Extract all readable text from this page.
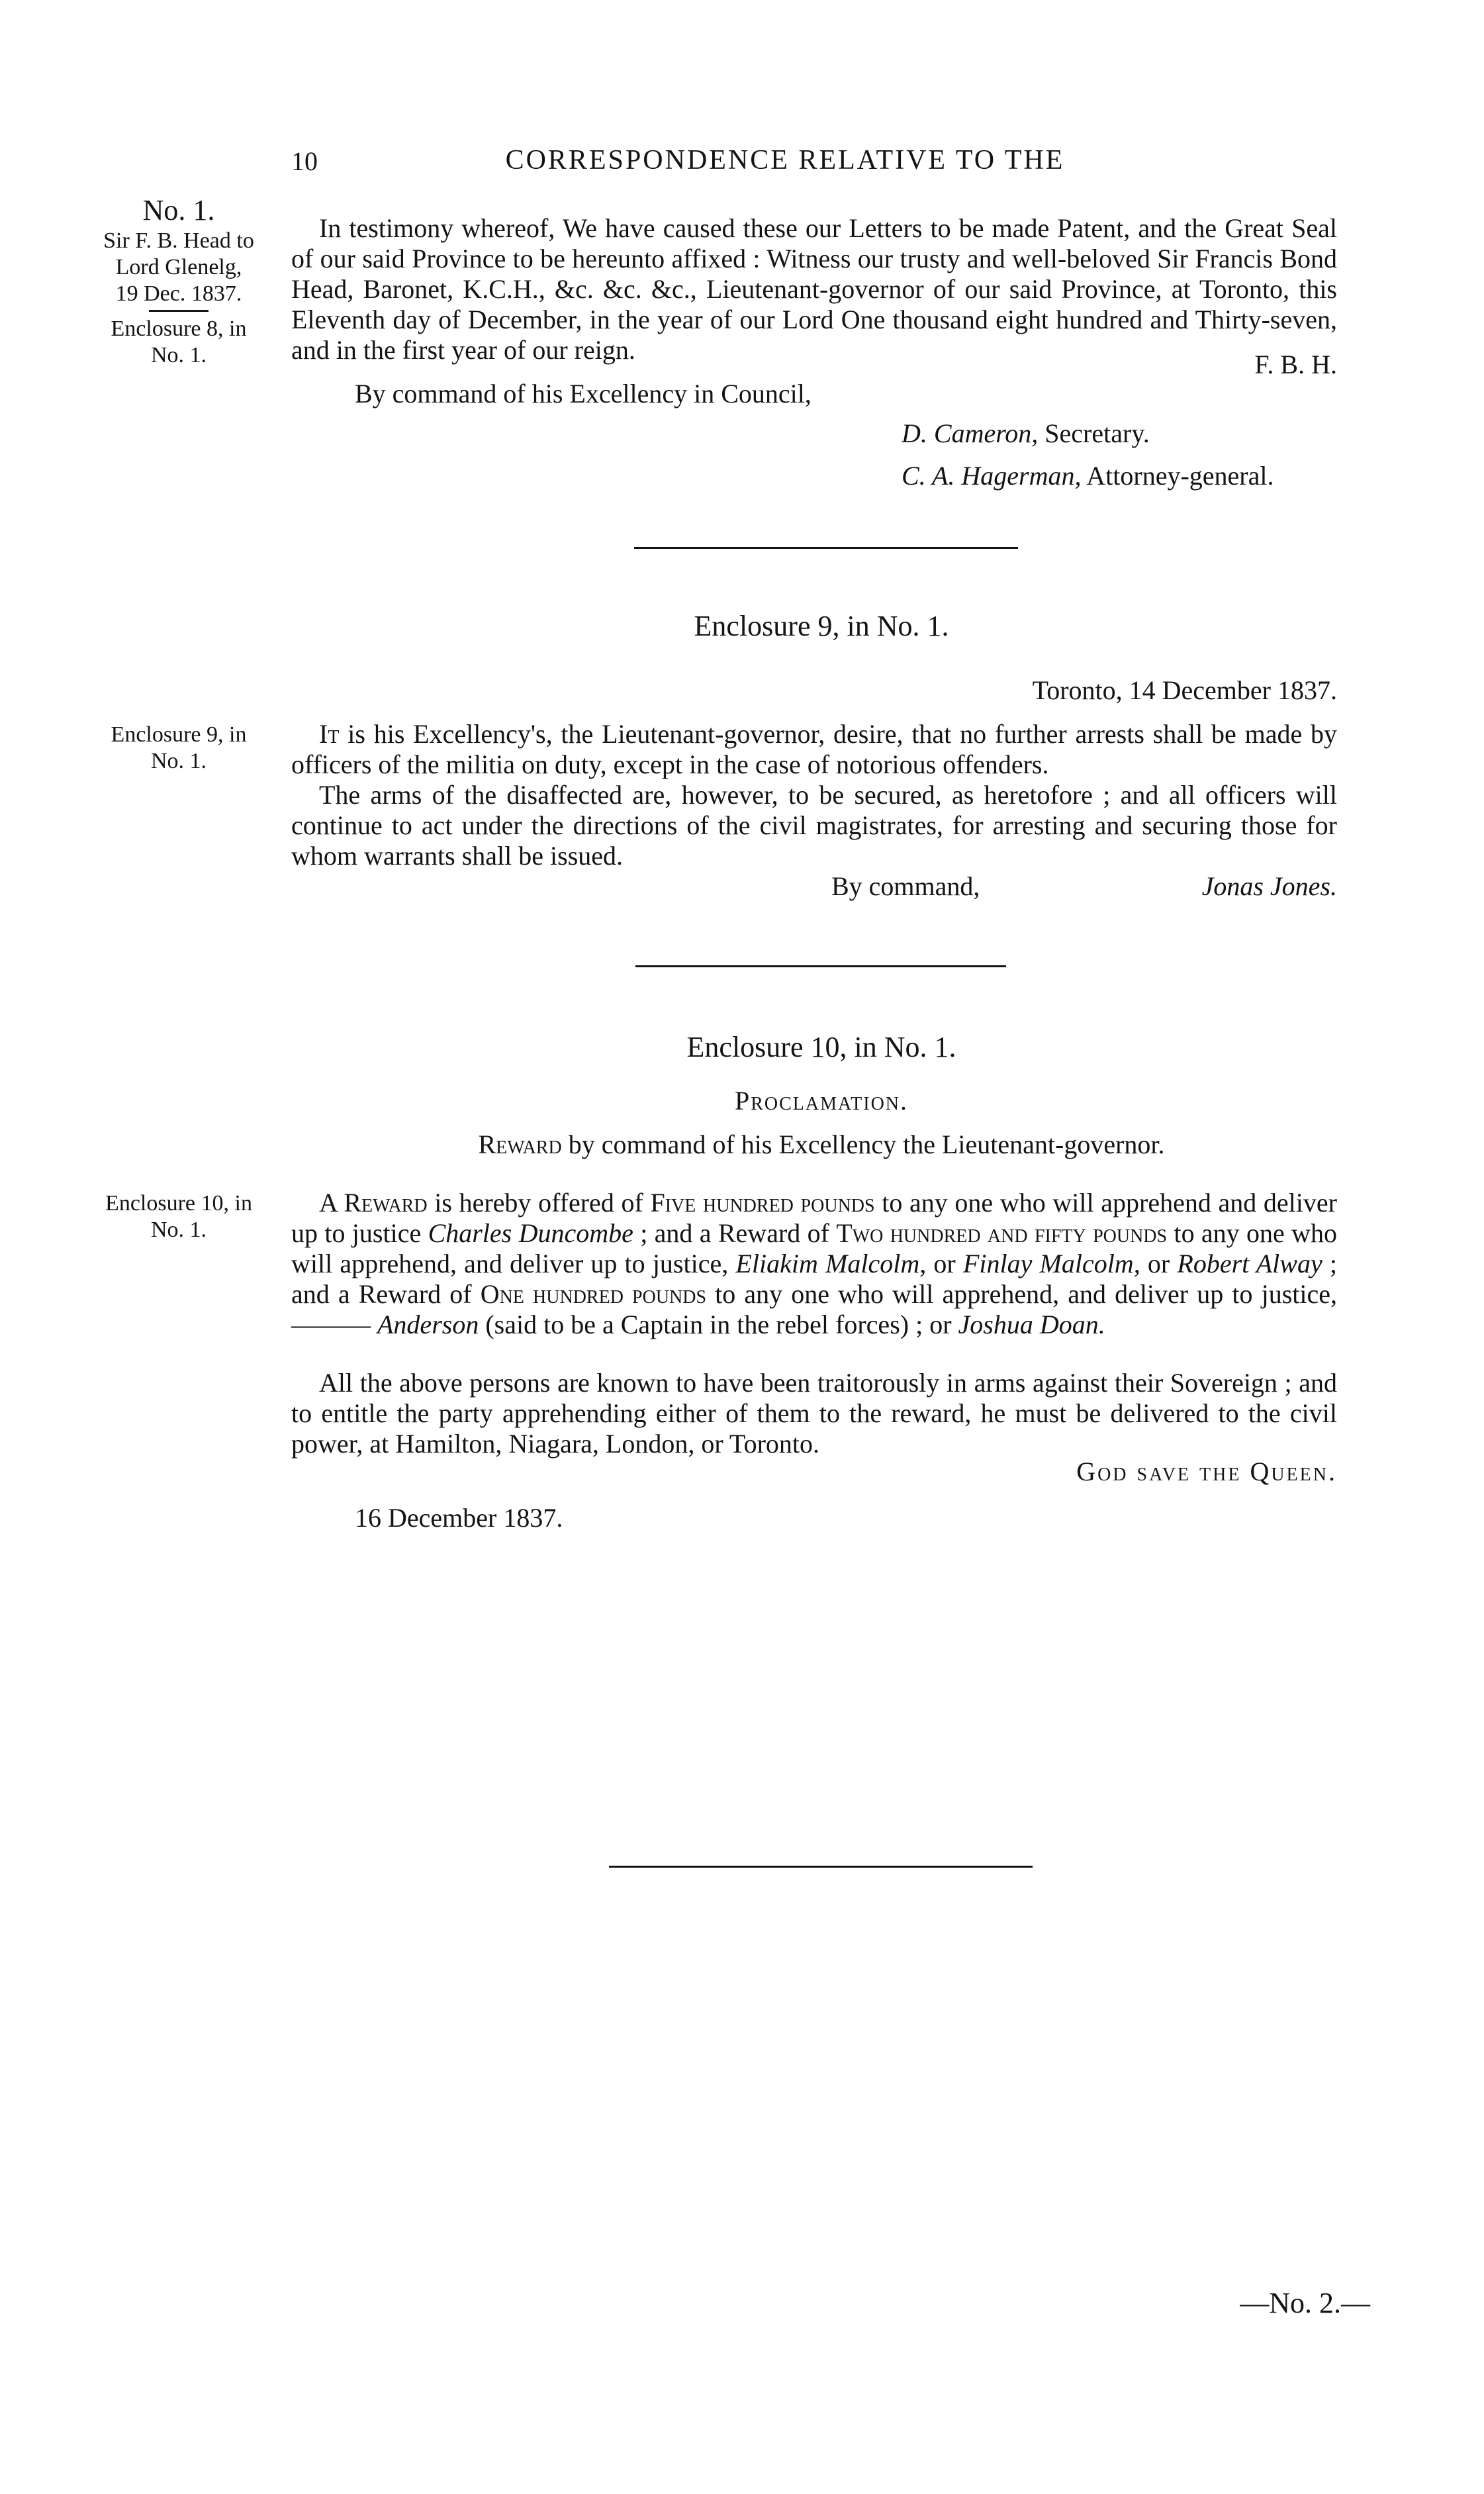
10	CORRESPONDENCE RELATIVE TO THE
No. 1.
Sir F. B. Head to
Lord Glenelg,
19 Dec. 1837.
Enclosure 8, in
No. 1.
In testimony whereof, We have caused these our Letters to be made Patent, and the Great Seal of our said Province to be hereunto affixed : Witness our trusty and well-beloved Sir Francis Bond Head, Baronet, K.C.H., &c. &c. &c., Lieutenant-governor of our said Province, at Toronto, this Eleventh day of December, in the year of our Lord One thousand eight hundred and Thirty-seven, and in the first year of our reign.	F. B. H.
By command of his Excellency in Council,
D. Cameron, Secretary.
C. A. Hagerman, Attorney-general.
Enclosure 9, in No. 1.
Toronto, 14 December 1837.
Enclosure 9, in
No. 1.
It is his Excellency's, the Lieutenant-governor, desire, that no further arrests shall be made by officers of the militia on duty, except in the case of notorious offenders.
The arms of the disaffected are, however, to be secured, as heretofore ; and all officers will continue to act under the directions of the civil magistrates, for arresting and securing those for whom warrants shall be issued.
By command,	Jonas Jones.
Enclosure 10, in No. 1.
Proclamation.
Reward by command of his Excellency the Lieutenant-governor.
Enclosure 10, in
No. 1.
A Reward is hereby offered of Five hundred pounds to any one who will apprehend and deliver up to justice Charles Duncombe ; and a Reward of Two hundred and fifty pounds to any one who will apprehend, and deliver up to justice, Eliakim Malcolm, or Finlay Malcolm, or Robert Alway ; and a Reward of One hundred pounds to any one who will apprehend, and deliver up to justice, ——— Anderson (said to be a Captain in the rebel forces) ; or Joshua Doan.
All the above persons are known to have been traitorously in arms against their Sovereign ; and to entitle the party apprehending either of them to the reward, he must be delivered to the civil power, at Hamilton, Niagara, London, or Toronto.
God save the Queen.
16 December 1837.
—No. 2.—
